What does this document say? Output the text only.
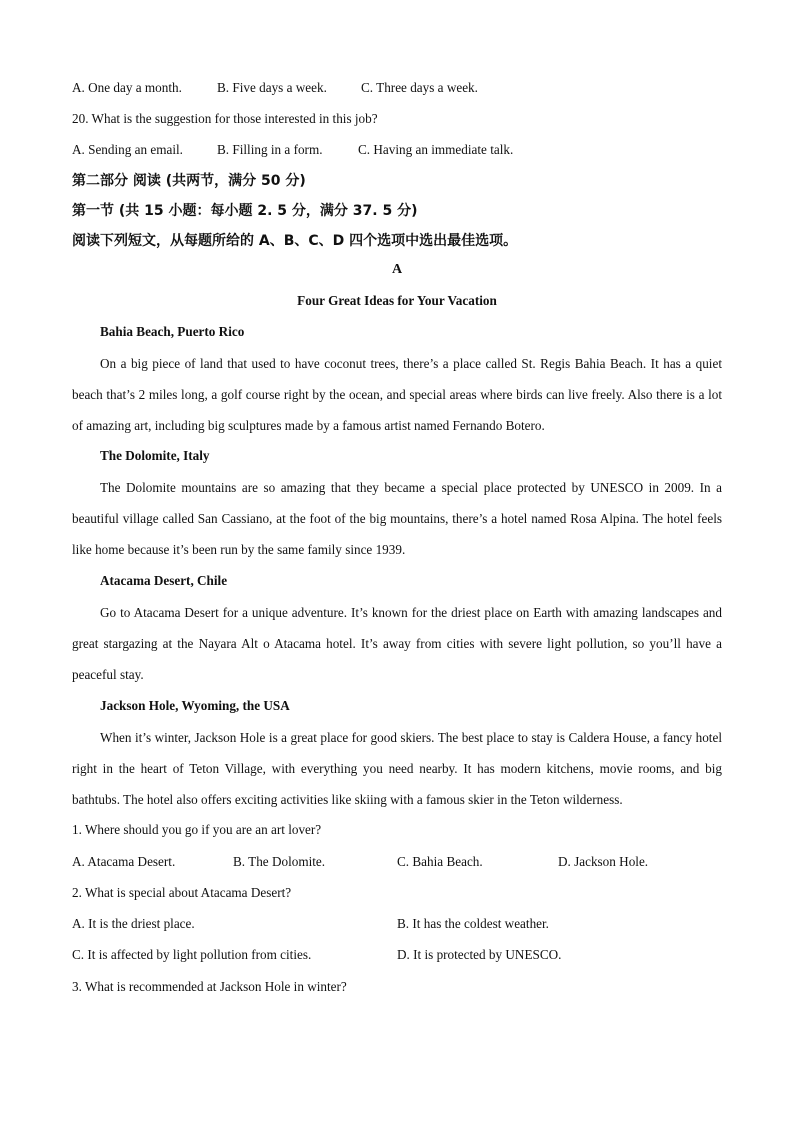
A. One day a month.	B. Five days a week.	C. Three days a week.
20. What is the suggestion for those interested in this job?
A. Sending an email.	B. Filling in a form.	C. Having an immediate talk.
第二部分 阅读 (共两节，满分 50 分)
第一节 (共 15 小题：每小题 2. 5 分，满分 37. 5 分)
阅读下列短文，从每题所给的 A、B、C、D 四个选项中选出最佳选项。
A
Four Great Ideas for Your Vacation
Bahia Beach, Puerto Rico
On a big piece of land that used to have coconut trees, there’s a place called St. Regis Bahia Beach. It has a quiet beach that’s 2 miles long, a golf course right by the ocean, and special areas where birds can live freely. Also there is a lot of amazing art, including big sculptures made by a famous artist named Fernando Botero.
The Dolomite, Italy
The Dolomite mountains are so amazing that they became a special place protected by UNESCO in 2009. In a beautiful village called San Cassiano, at the foot of the big mountains, there’s a hotel named Rosa Alpina. The hotel feels like home because it’s been run by the same family since 1939.
Atacama Desert, Chile
Go to Atacama Desert for a unique adventure. It’s known for the driest place on Earth with amazing landscapes and great stargazing at the Nayara Alt o Atacama hotel. It’s away from cities with severe light pollution, so you’ll have a peaceful stay.
Jackson Hole, Wyoming, the USA
When it’s winter, Jackson Hole is a great place for good skiers. The best place to stay is Caldera House, a fancy hotel right in the heart of Teton Village, with everything you need nearby. It has modern kitchens, movie rooms, and big bathtubs. The hotel also offers exciting activities like skiing with a famous skier in the Teton wilderness.
1. Where should you go if you are an art lover?
A. Atacama Desert.	B. The Dolomite.	C. Bahia Beach.	D. Jackson Hole.
2. What is special about Atacama Desert?
A. It is the driest place.	B. It has the coldest weather.
C. It is affected by light pollution from cities.	D. It is protected by UNESCO.
3. What is recommended at Jackson Hole in winter?
